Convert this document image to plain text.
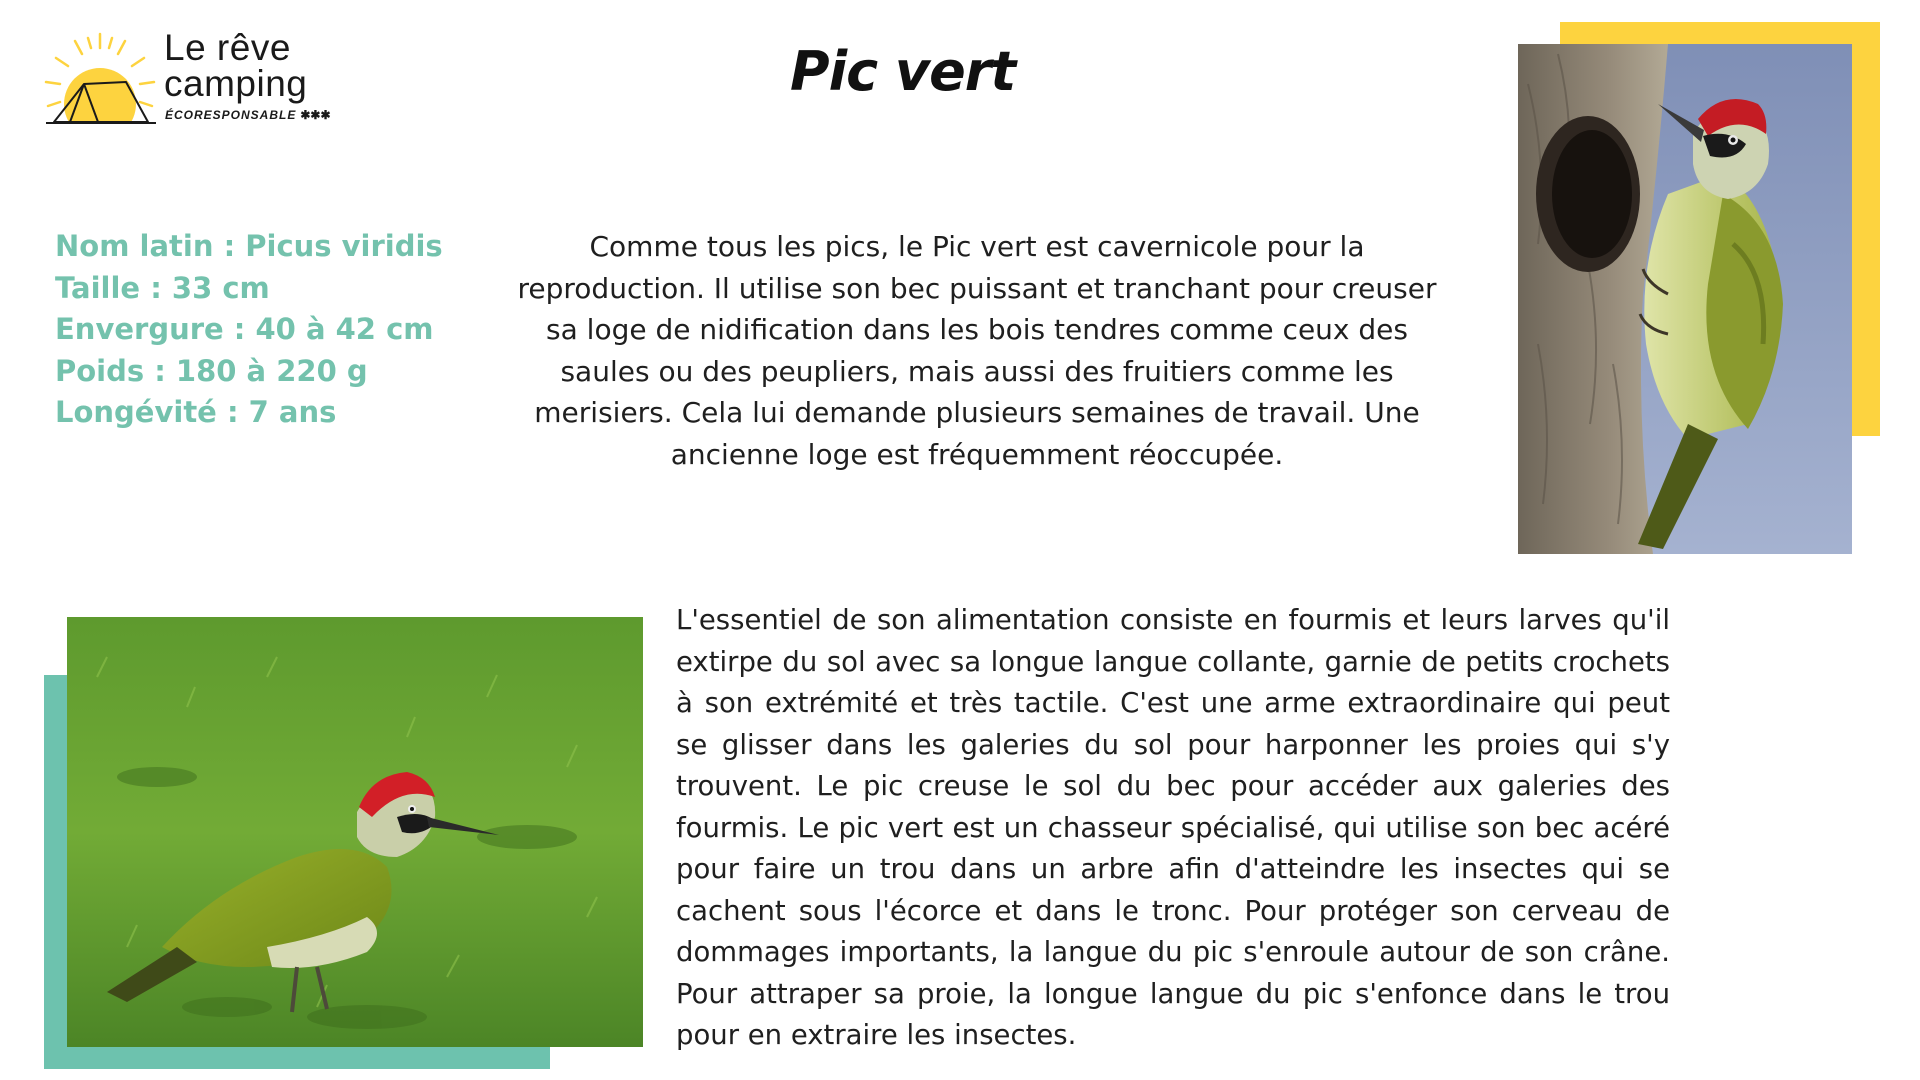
Le rêve
camping
ÉCORESPONSABLE ✱✱✱
Pic vert
Nom latin : Picus viridis
Taille : 33 cm
Envergure : 40 à 42 cm
Poids : 180 à 220 g
Longévité : 7 ans
Comme tous les pics, le Pic vert est cavernicole pour la reproduction. Il utilise son bec puissant et tranchant pour creuser sa loge de nidification dans les bois tendres comme ceux des saules ou des peupliers, mais aussi des fruitiers comme les merisiers. Cela lui demande plusieurs semaines de travail. Une ancienne loge est fréquemment réoccupée.
L'essentiel de son alimentation consiste en fourmis et leurs larves qu'il extirpe du sol avec sa longue langue collante, garnie de petits crochets à son extrémité et très tactile. C'est une arme extraordinaire qui peut se glisser dans les galeries du sol pour harponner les proies qui s'y trouvent. Le pic creuse le sol du bec pour accéder aux galeries des fourmis. Le pic vert est un chasseur spécialisé, qui utilise son bec acéré pour faire un trou dans un arbre afin d'atteindre les insectes qui se cachent sous l'écorce et dans le tronc. Pour protéger son cerveau de dommages importants, la langue du pic s'enroule autour de son crâne. Pour attraper sa proie, la longue langue du pic s'enfonce dans le trou pour en extraire les insectes.
